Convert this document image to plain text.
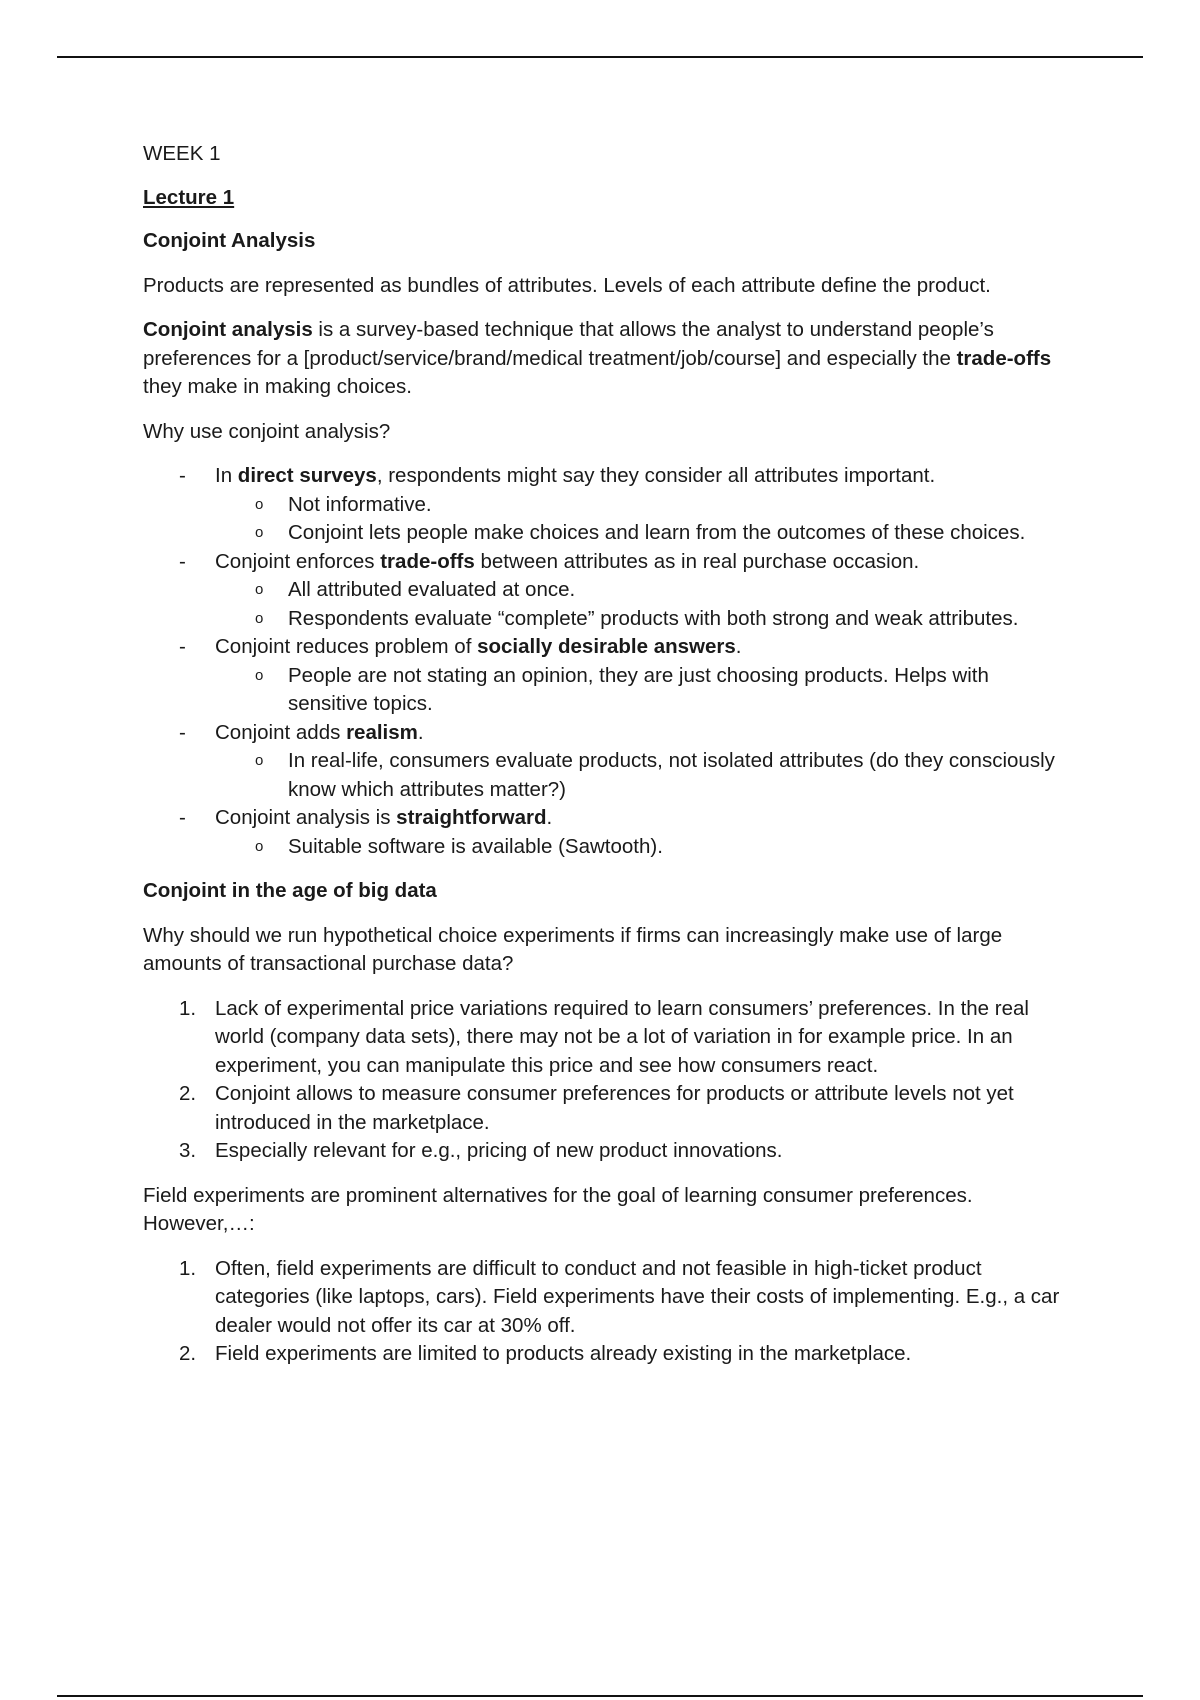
WEEK 1

Lecture 1

Conjoint Analysis

Products are represented as bundles of attributes. Levels of each attribute define the product.

Conjoint analysis is a survey-based technique that allows the analyst to understand people’s preferences for a [product/service/brand/medical treatment/job/course] and especially the trade-offs they make in making choices.

Why use conjoint analysis?

- In direct surveys, respondents might say they consider all attributes important.
o Not informative.
o Conjoint lets people make choices and learn from the outcomes of these choices.
- Conjoint enforces trade-offs between attributes as in real purchase occasion.
o All attributed evaluated at once.
o Respondents evaluate “complete” products with both strong and weak attributes.
- Conjoint reduces problem of socially desirable answers.
o People are not stating an opinion, they are just choosing products. Helps with sensitive topics.
- Conjoint adds realism.
o In real-life, consumers evaluate products, not isolated attributes (do they consciously know which attributes matter?)
- Conjoint analysis is straightforward.
o Suitable software is available (Sawtooth).

Conjoint in the age of big data

Why should we run hypothetical choice experiments if firms can increasingly make use of large amounts of transactional purchase data?

1. Lack of experimental price variations required to learn consumers’ preferences. In the real world (company data sets), there may not be a lot of variation in for example price. In an experiment, you can manipulate this price and see how consumers react.
2. Conjoint allows to measure consumer preferences for products or attribute levels not yet introduced in the marketplace.
3. Especially relevant for e.g., pricing of new product innovations.

Field experiments are prominent alternatives for the goal of learning consumer preferences. However,…:

1. Often, field experiments are difficult to conduct and not feasible in high-ticket product categories (like laptops, cars). Field experiments have their costs of implementing. E.g., a car dealer would not offer its car at 30% off.
2. Field experiments are limited to products already existing in the marketplace.
